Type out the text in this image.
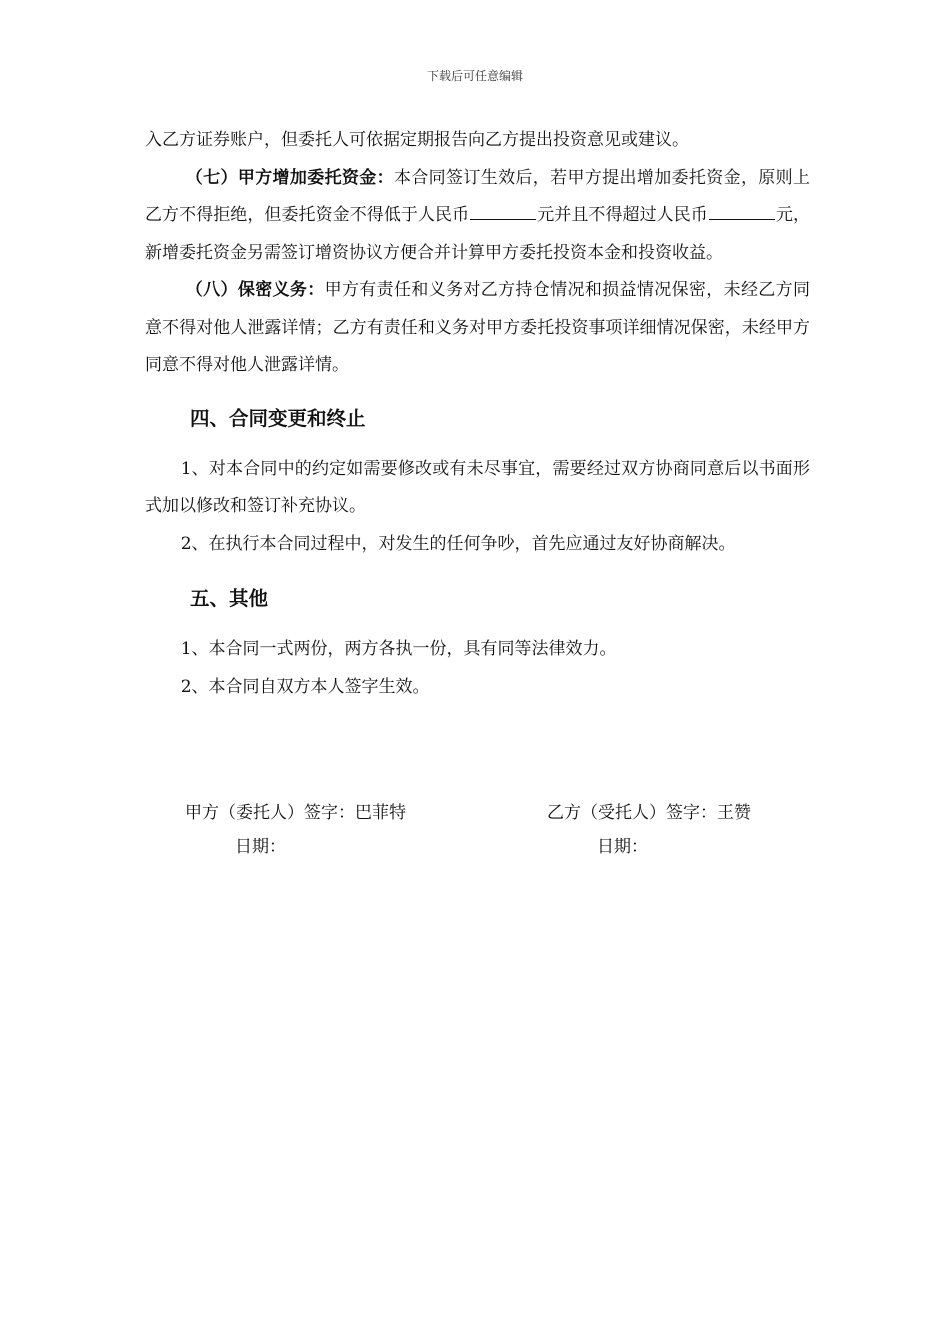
下载后可任意编辑

入乙方证券账户，但委托人可依据定期报告向乙方提出投资意见或建议。

（七）甲方增加委托资金：本合同签订生效后，若甲方提出增加委托资金，原则上乙方不得拒绝，但委托资金不得低于人民币	元并且不得超过人民币	元，新增委托资金另需签订增资协议方便合并计算甲方委托投资本金和投资收益。

（八）保密义务：甲方有责任和义务对乙方持仓情况和损益情况保密，未经乙方同意不得对他人泄露详情；乙方有责任和义务对甲方委托投资事项详细情况保密，未经甲方同意不得对他人泄露详情。

四、合同变更和终止

1、对本合同中的约定如需要修改或有未尽事宜，需要经过双方协商同意后以书面形式加以修改和签订补充协议。

2、在执行本合同过程中，对发生的任何争吵，首先应通过友好协商解决。

五、其他

1、本合同一式两份，两方各执一份，具有同等法律效力。

2、本合同自双方本人签字生效。

甲方（委托人）签字：巴菲特
日期：
乙方（受托人）签字：王赞
日期：
